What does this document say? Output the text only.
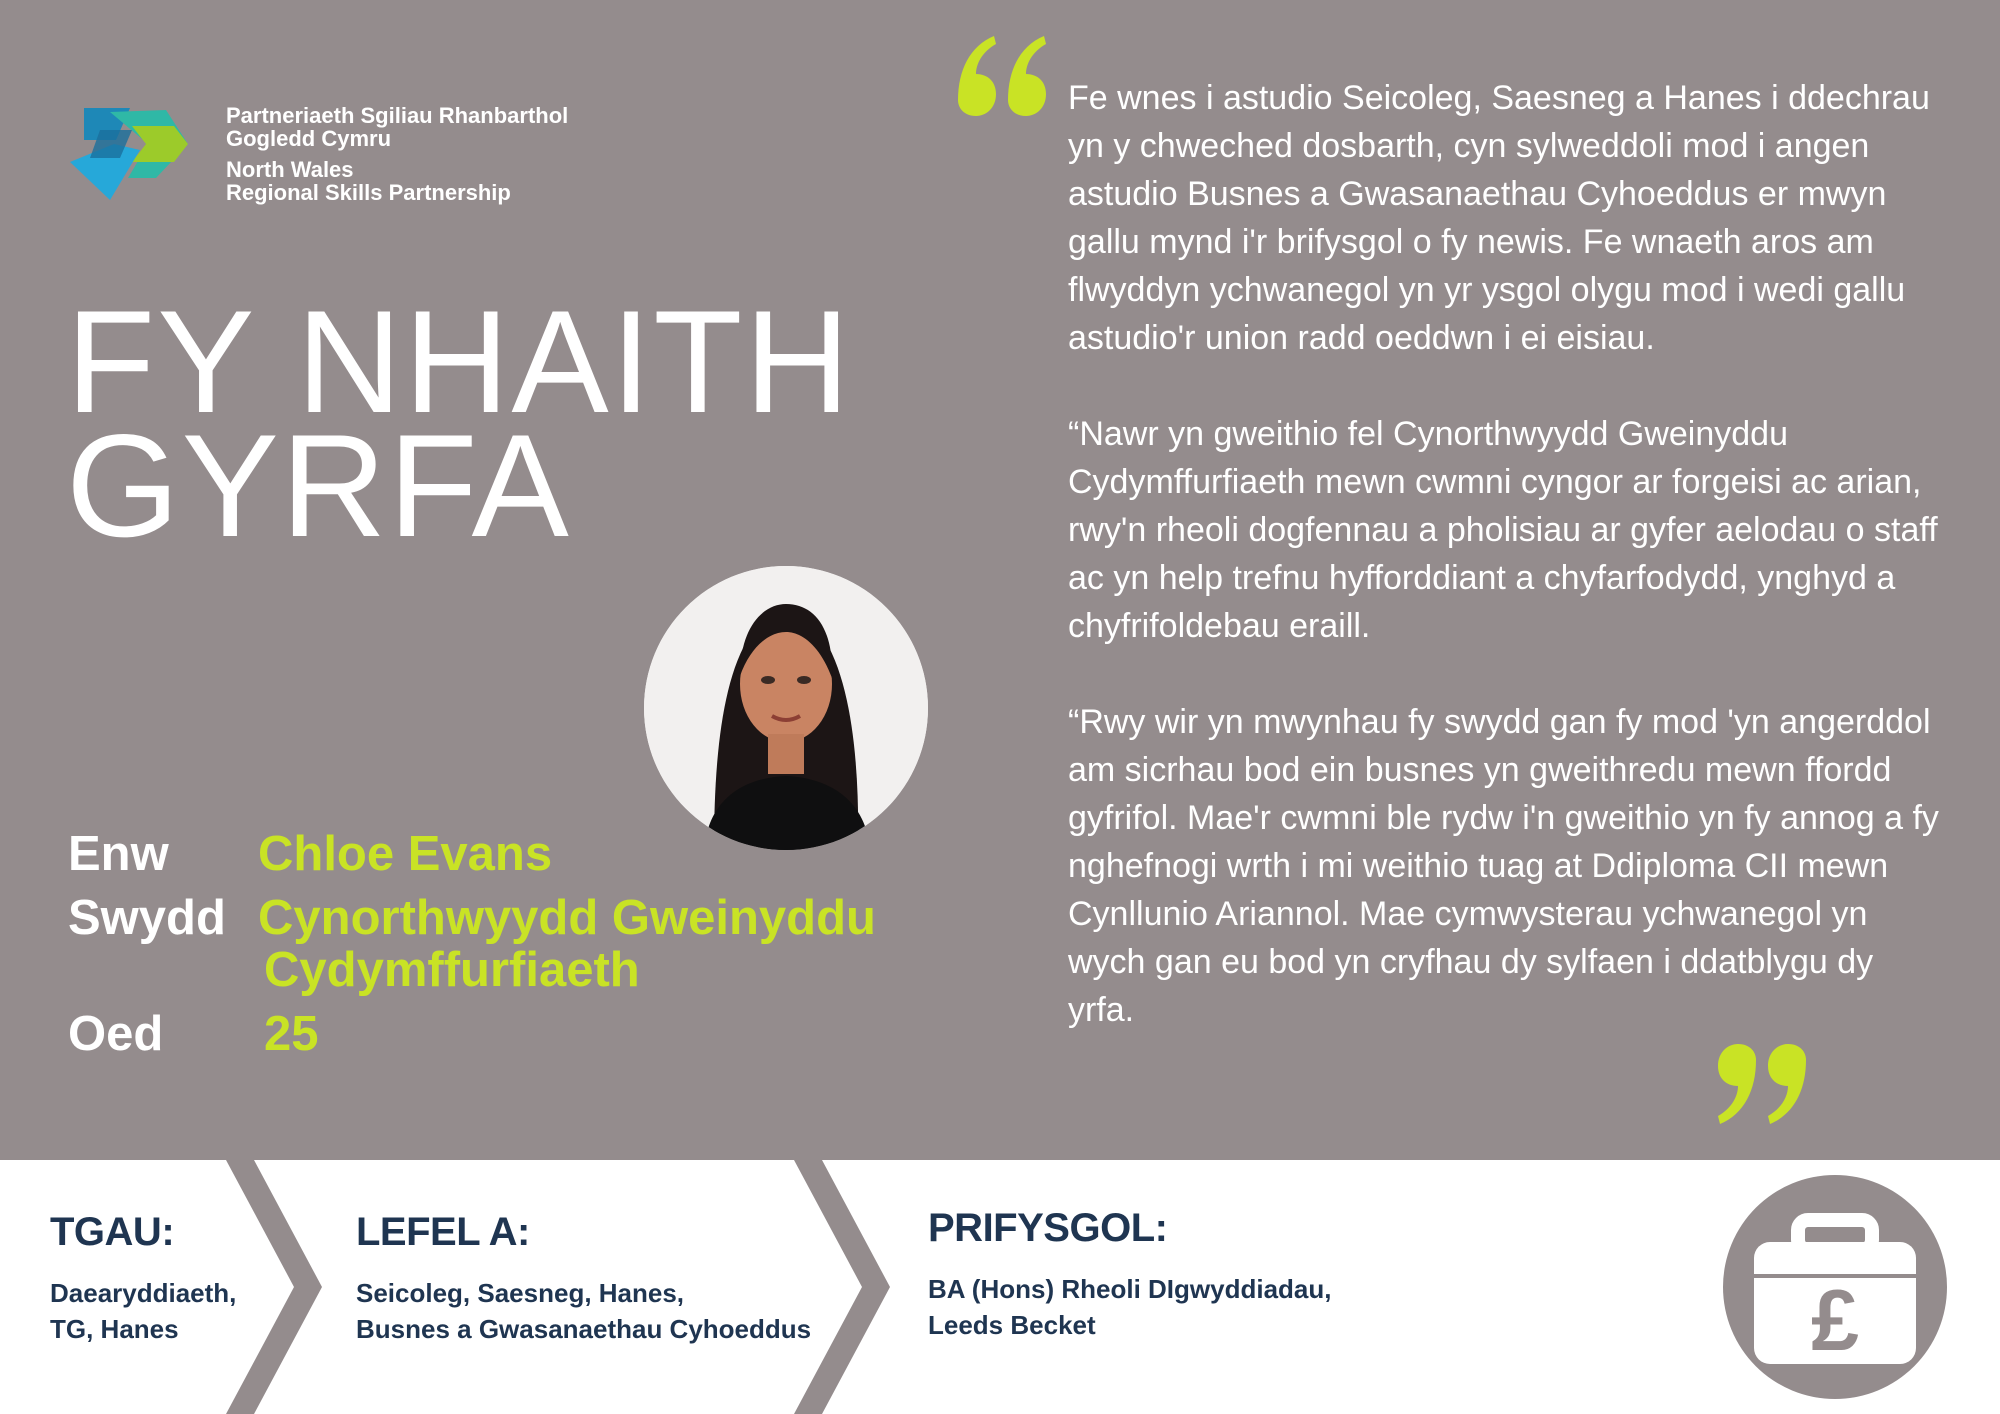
Partneriaeth Sgiliau Rhanbarthol
Gogledd Cymru
North Wales
Regional Skills Partnership
FY NHAITH
GYRFA
Enw Chloe Evans
Swydd Cynorthwyydd Gweinyddu
Cydymffurfiaeth
Oed 25

Fe wnes i astudio Seicoleg, Saesneg a Hanes i ddechrau yn y chweched dosbarth, cyn sylweddoli mod i angen astudio Busnes a Gwasanaethau Cyhoeddus er mwyn gallu mynd i'r brifysgol o fy newis. Fe wnaeth aros am flwyddyn ychwanegol yn yr ysgol olygu mod i wedi gallu astudio'r union radd oeddwn i ei eisiau.

“Nawr yn gweithio fel Cynorthwyydd Gweinyddu Cydymffurfiaeth mewn cwmni cyngor ar forgeisi ac arian, rwy'n rheoli dogfennau a pholisiau ar gyfer aelodau o staff ac yn help trefnu hyfforddiant a chyfarfodydd, ynghyd a chyfrifoldebau eraill.

“Rwy wir yn mwynhau fy swydd gan fy mod 'yn angerddol am sicrhau bod ein busnes yn gweithredu mewn ffordd gyfrifol. Mae'r cwmni ble rydw i'n gweithio yn fy annog a fy nghefnogi wrth i mi weithio tuag at Ddiploma CII mewn Cynllunio Ariannol. Mae cymwysterau ychwanegol yn wych gan eu bod yn cryfhau dy sylfaen i ddatblygu dy yrfa.

TGAU:
Daearyddiaeth,
TG, Hanes
LEFEL A:
Seicoleg, Saesneg, Hanes,
Busnes a Gwasanaethau Cyhoeddus
PRIFYSGOL:
BA (Hons) Rheoli DIgwyddiadau,
Leeds Becket	£
